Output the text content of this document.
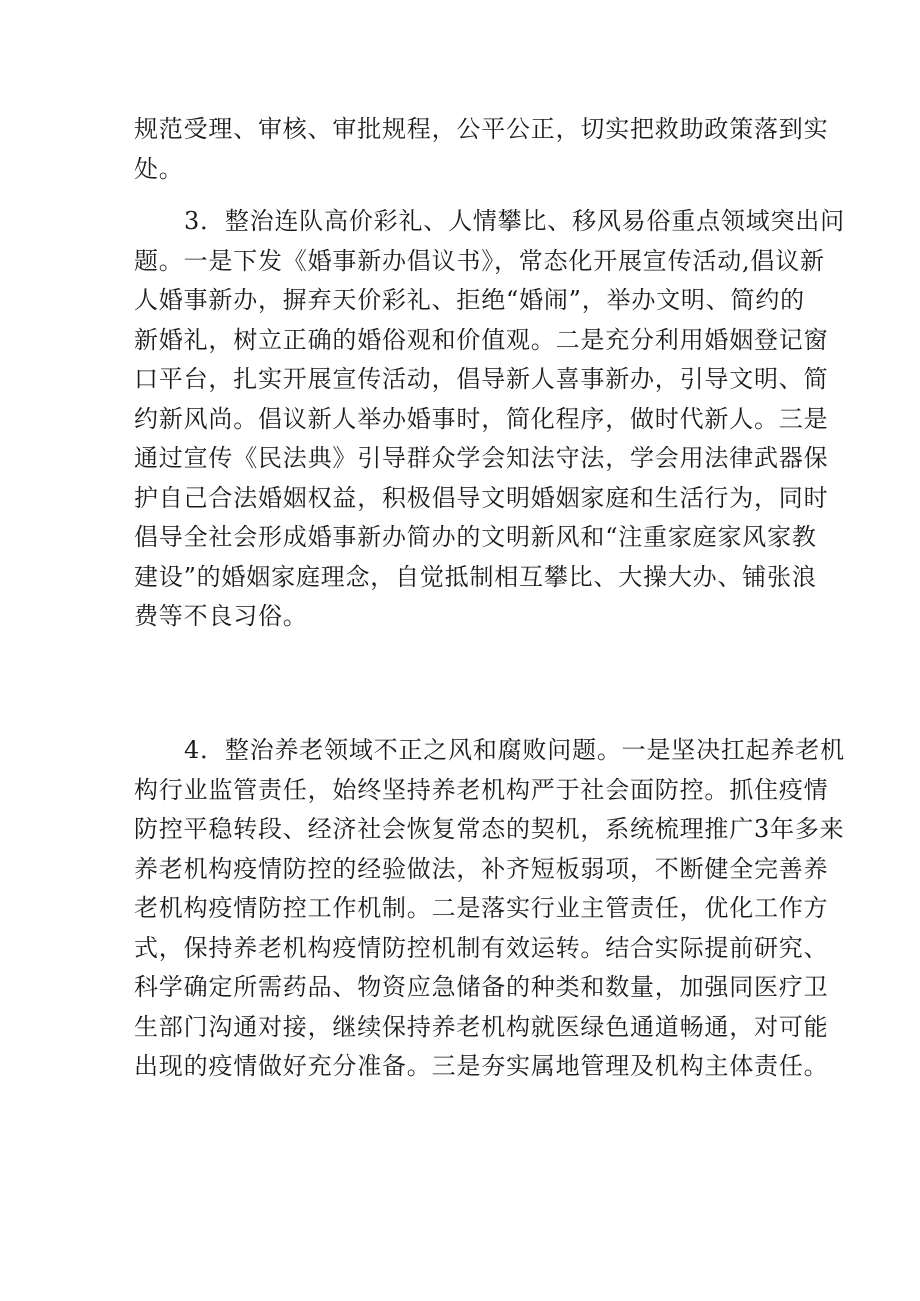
规范受理、审核、审批规程，公平公正，切实把救助政策落到实
处。
3．整治连队高价彩礼、人情攀比、移风易俗重点领域突出问
题。一是下发《婚事新办倡议书》，常态化开展宣传活动,倡议新
人婚事新办，摒弃天价彩礼、拒绝“婚闹”，举办文明、简约的
新婚礼，树立正确的婚俗观和价值观。二是充分利用婚姻登记窗
口平台，扎实开展宣传活动，倡导新人喜事新办，引导文明、简
约新风尚。倡议新人举办婚事时，简化程序，做时代新人。三是
通过宣传《民法典》引导群众学会知法守法，学会用法律武器保
护自己合法婚姻权益，积极倡导文明婚姻家庭和生活行为，同时
倡导全社会形成婚事新办简办的文明新风和“注重家庭家风家教
建设”的婚姻家庭理念，自觉抵制相互攀比、大操大办、铺张浪
费等不良习俗。
4．整治养老领域不正之风和腐败问题。一是坚决扛起养老机
构行业监管责任，始终坚持养老机构严于社会面防控。抓住疫情
防控平稳转段、经济社会恢复常态的契机，系统梳理推广3年多来
养老机构疫情防控的经验做法，补齐短板弱项，不断健全完善养
老机构疫情防控工作机制。二是落实行业主管责任，优化工作方
式，保持养老机构疫情防控机制有效运转。结合实际提前研究、
科学确定所需药品、物资应急储备的种类和数量，加强同医疗卫
生部门沟通对接，继续保持养老机构就医绿色通道畅通，对可能
出现的疫情做好充分准备。三是夯实属地管理及机构主体责任。
